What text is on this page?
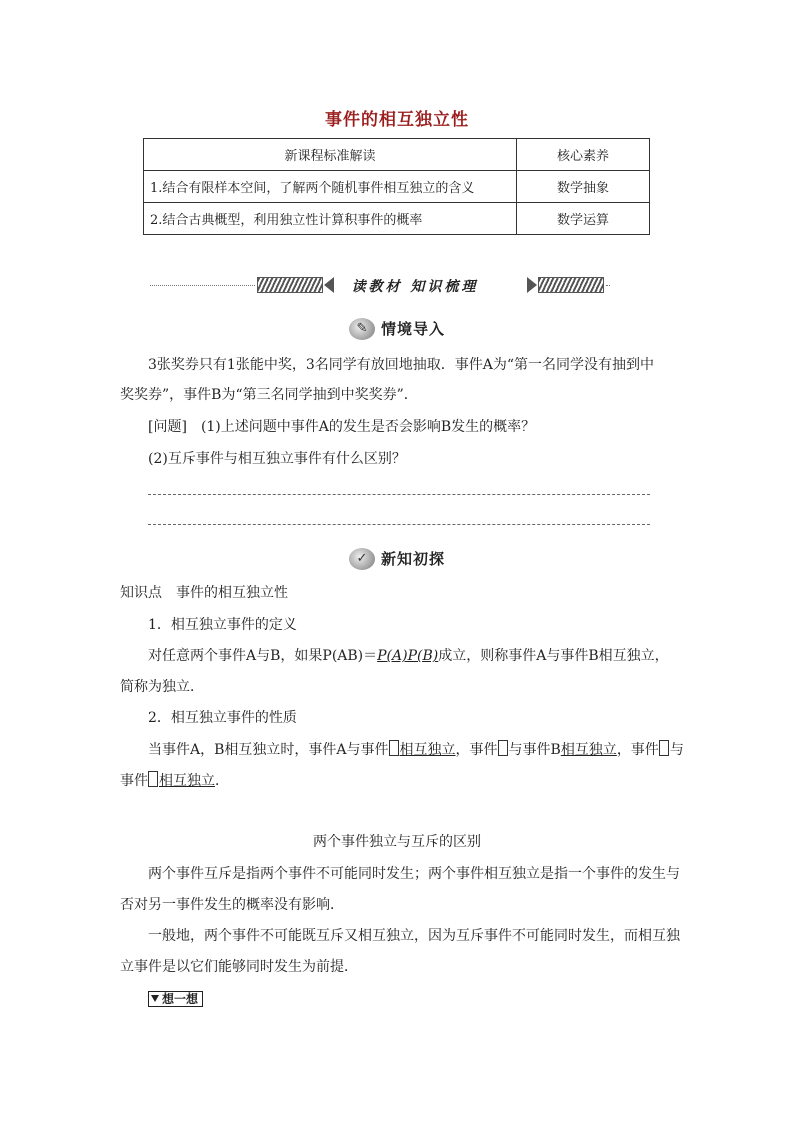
事件的相互独立性
新课程标准解读	核心素养
1.结合有限样本空间，了解两个随机事件相互独立的含义	数学抽象
2.结合古典概型，利用独立性计算积事件的概率	数学运算
读教材 知识梳理
✎ 情境导入
3张奖券只有1张能中奖，3名同学有放回地抽取．事件A为“第一名同学没有抽到中
奖奖券”，事件B为“第三名同学抽到中奖奖券”．
[问题]　 (1)上述问题中事件A的发生是否会影响B发生的概率？
(2)互斥事件与相互独立事件有什么区别？
✓ 新知初探
知识点　事件的相互独立性
1．相互独立事件的定义
对任意两个事件A与B，如果P(AB)＝P(A)P(B)成立，则称事件A与事件B相互独立，
简称为独立．
2．相互独立事件的性质
当事件A，B相互独立时，事件A与事件 相互独立，事件 与事件B相互独立，事件 与
事件 相互独立．
两个事件独立与互斥的区别
两个事件互斥是指两个事件不可能同时发生；两个事件相互独立是指一个事件的发生与
否对另一事件发生的概率没有影响．
一般地，两个事件不可能既互斥又相互独立，因为互斥事件不可能同时发生，而相互独
立事件是以它们能够同时发生为前提．
想一想
